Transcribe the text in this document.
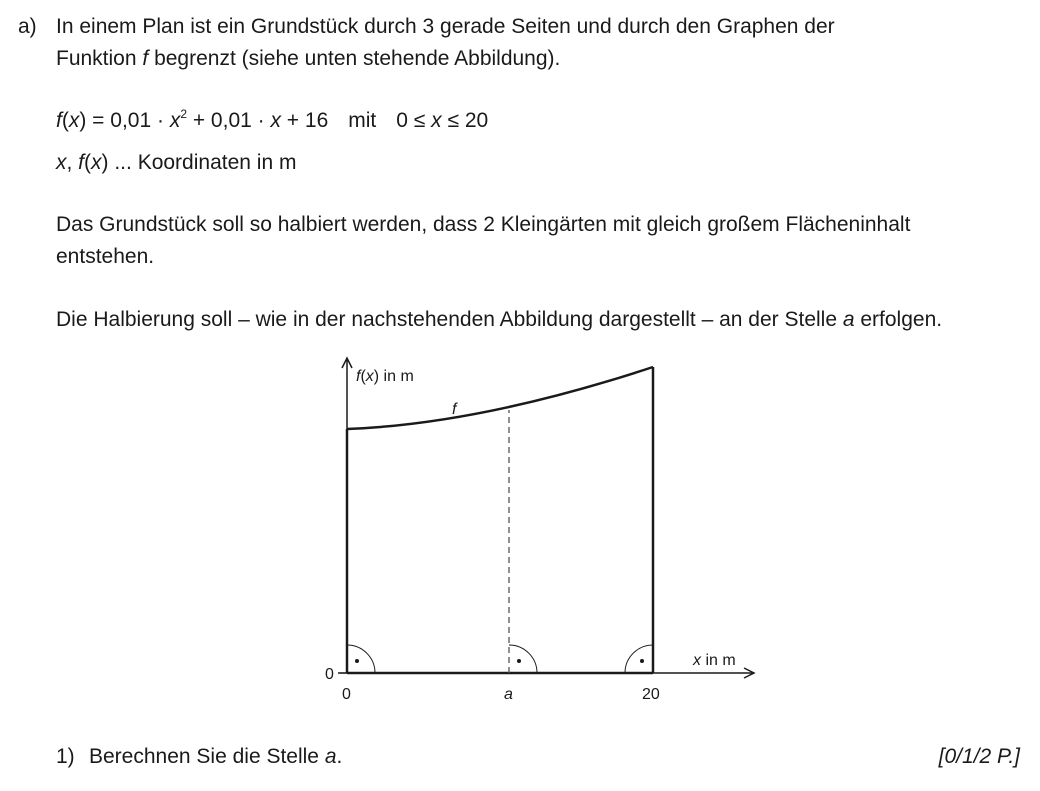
a) In einem Plan ist ein Grundstück durch 3 gerade Seiten und durch den Graphen der
Funktion f begrenzt (siehe unten stehende Abbildung).
$f(x) = 0,01 \cdot x^2 + 0,01 \cdot x + 16$ mit 0 ≤ x ≤ 20
x, f(x) ... Koordinaten in m
Das Grundstück soll so halbiert werden, dass 2 Kleingärten mit gleich großem Flächeninhalt
entstehen.
Die Halbierung soll – wie in der nachstehenden Abbildung dargestellt – an der Stelle a erfolgen.
f(x) in m
x in m
f
0
0	a	20
1) Berechnen Sie die Stelle a.	[0/1/2 P.]
